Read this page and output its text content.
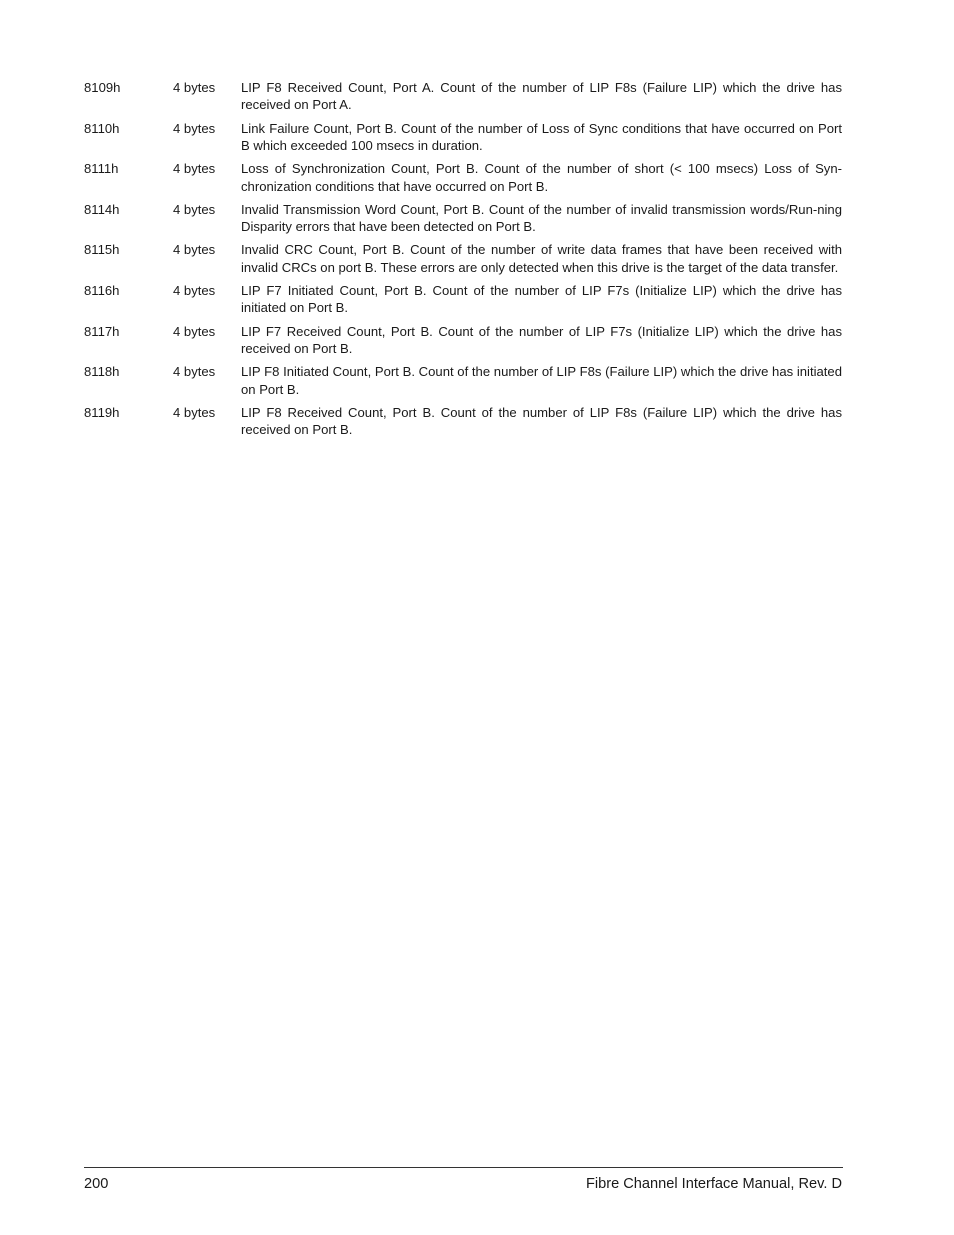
8109h	4 bytes	LIP F8 Received Count, Port A. Count of the number of LIP F8s (Failure LIP) which the drive has received on Port A.
8110h	4 bytes	Link Failure Count, Port B. Count of the number of Loss of Sync conditions that have occurred on Port B which exceeded 100 msecs in duration.
8111h	4 bytes	Loss of Synchronization Count, Port B. Count of the number of short (< 100 msecs) Loss of Syn-chronization conditions that have occurred on Port B.
8114h	4 bytes	Invalid Transmission Word Count, Port B. Count of the number of invalid transmission words/Run-ning Disparity errors that have been detected on Port B.
8115h	4 bytes	Invalid CRC Count, Port B. Count of the number of write data frames that have been received with invalid CRCs on port B. These errors are only detected when this drive is the target of the data transfer.
8116h	4 bytes	LIP F7 Initiated Count, Port B. Count of the number of LIP F7s (Initialize LIP) which the drive has initiated on Port B.
8117h	4 bytes	LIP F7 Received Count, Port B. Count of the number of LIP F7s (Initialize LIP) which the drive has received on Port B.
8118h	4 bytes	LIP F8 Initiated Count, Port B. Count of the number of LIP F8s (Failure LIP) which the drive has initiated on Port B.
8119h	4 bytes	LIP F8 Received Count, Port B. Count of the number of LIP F8s (Failure LIP) which the drive has received on Port B.
200	Fibre Channel Interface Manual, Rev. D
